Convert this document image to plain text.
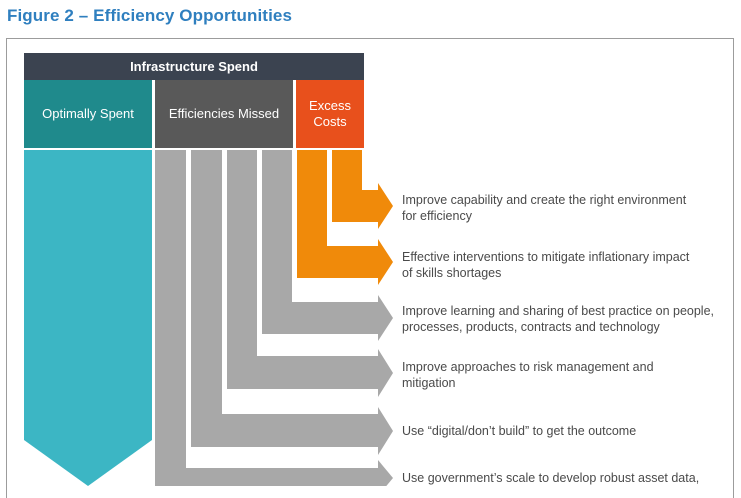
Figure 2 – Efficiency Opportunities
Infrastructure Spend
Optimally Spent	Efficiencies Missed
Excess
Costs
Improve capability and create the right environment
for efficiency
Effective interventions to mitigate inflationary impact
of skills shortages
Improve learning and sharing of best practice on people,
processes, products, contracts and technology
Improve approaches to risk management and
mitigation
Use “digital/don’t build” to get the outcome
Use government’s scale to develop robust asset data,
